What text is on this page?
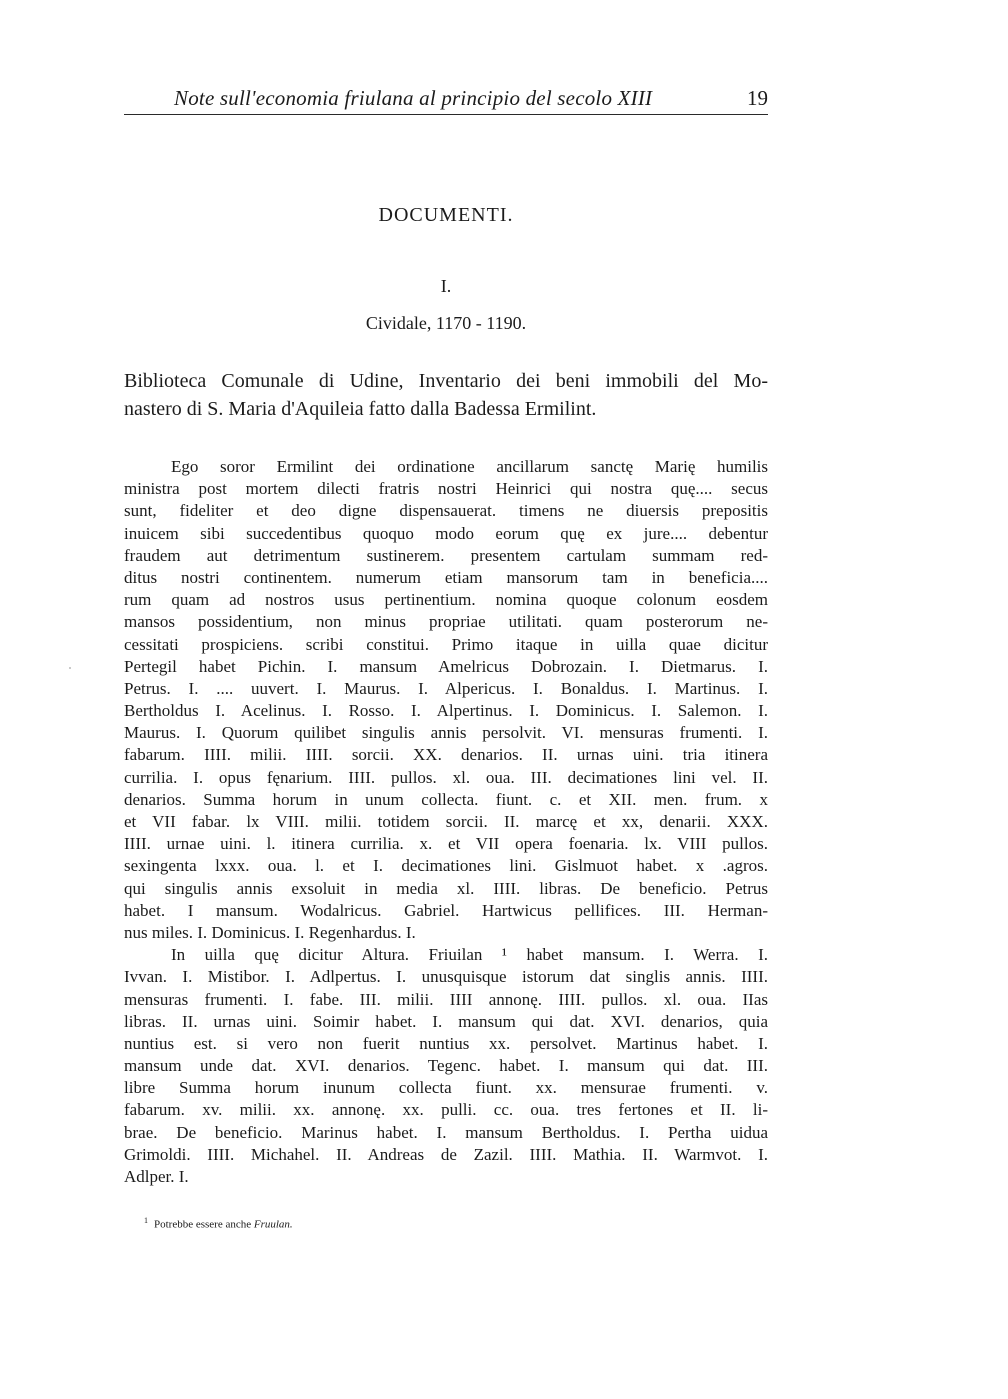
Note sull'economia friulana al principio del secolo XIII	19
DOCUMENTI.
I.
Cividale, 1170 - 1190.
Biblioteca Comunale di Udine, Inventario dei beni immobili del Mo-
nastero di S. Maria d'Aquileia fatto dalla Badessa Ermilint.
Ego soror Ermilint dei ordinatione ancillarum sanctę Marię humilis
ministra post mortem dilecti fratris nostri Heinrici qui nostra quę.... secus
sunt, fideliter et deo digne dispensauerat. timens ne diuersis prepositis
inuicem sibi succedentibus quoquo modo eorum quę ex jure.... debentur
fraudem aut detrimentum sustinerem. presentem cartulam summam red-
ditus nostri continentem. numerum etiam mansorum tam in beneficia....
rum quam ad nostros usus pertinentium. nomina quoque colonum eosdem
mansos possidentium, non minus propriae utilitati. quam posterorum ne-
cessitati prospiciens. scribi constitui. Primo itaque in uilla quae dicitur
Pertegil habet Pichin. I. mansum Amelricus Dobrozain. I. Dietmarus. I.
Petrus. I. .... uuvert. I. Maurus. I. Alpericus. I. Bonaldus. I. Martinus. I.
Bertholdus I. Acelinus. I. Rosso. I. Alpertinus. I. Dominicus. I. Salemon. I.
Maurus. I. Quorum quilibet singulis annis persolvit. VI. mensuras frumenti. I.
fabarum. IIII. milii. IIII. sorcii. XX. denarios. II. urnas uini. tria itinera
currilia. I. opus fęnarium. IIII. pullos. xl. oua. III. decimationes lini vel. II.
denarios. Summa horum in unum collecta. fiunt. c. et XII. men. frum. x
et VII fabar. lx VIII. milii. totidem sorcii. II. marcę et xx, denarii. XXX.
IIII. urnae uini. l. itinera currilia. x. et VII opera foenaria. lx. VIII pullos.
sexingenta lxxx. oua. l. et I. decimationes lini. Gislmuot habet. x .agros.
qui singulis annis exsoluit in media xl. IIII. libras. De beneficio. Petrus
habet. I mansum. Wodalricus. Gabriel. Hartwicus pellifices. III. Herman-
nus miles. I. Dominicus. I. Regenhardus. I.
In uilla quę dicitur Altura. Friuilan ¹ habet mansum. I. Werra. I.
Ivvan. I. Mistibor. I. Adlpertus. I. unusquisque istorum dat singlis annis. IIII.
mensuras frumenti. I. fabe. III. milii. IIII annonę. IIII. pullos. xl. oua. IIas
libras. II. urnas uini. Soimir habet. I. mansum qui dat. XVI. denarios, quia
nuntius est. si vero non fuerit nuntius xx. persolvet. Martinus habet. I.
mansum unde dat. XVI. denarios. Tegenc. habet. I. mansum qui dat. III.
libre Summa horum inunum collecta fiunt. xx. mensurae frumenti. v.
fabarum. xv. milii. xx. annonę. xx. pulli. cc. oua. tres fertones et II. li-
brae. De beneficio. Marinus habet. I. mansum Bertholdus. I. Pertha uidua
Grimoldi. IIII. Michahel. II. Andreas de Zazil. IIII. Mathia. II. Warmvot. I.
Adlper. I.
$^1$ Potrebbe essere anche Fruulan.
